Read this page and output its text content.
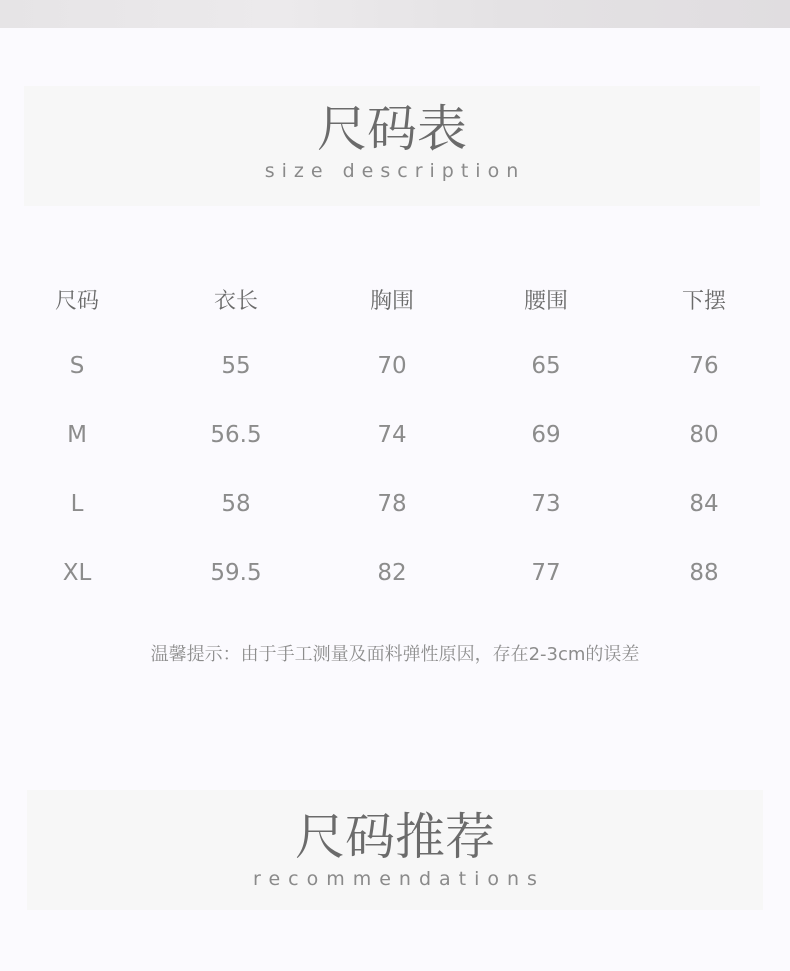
尺码表
size description
尺码	衣长	胸围	腰围	下摆
S	55	70	65	76
M	56.5	74	69	80
L	58	78	73	84
XL	59.5	82	77	88
温馨提示：由于手工测量及面料弹性原因，存在2-3cm的误差
尺码推荐
recommendations
